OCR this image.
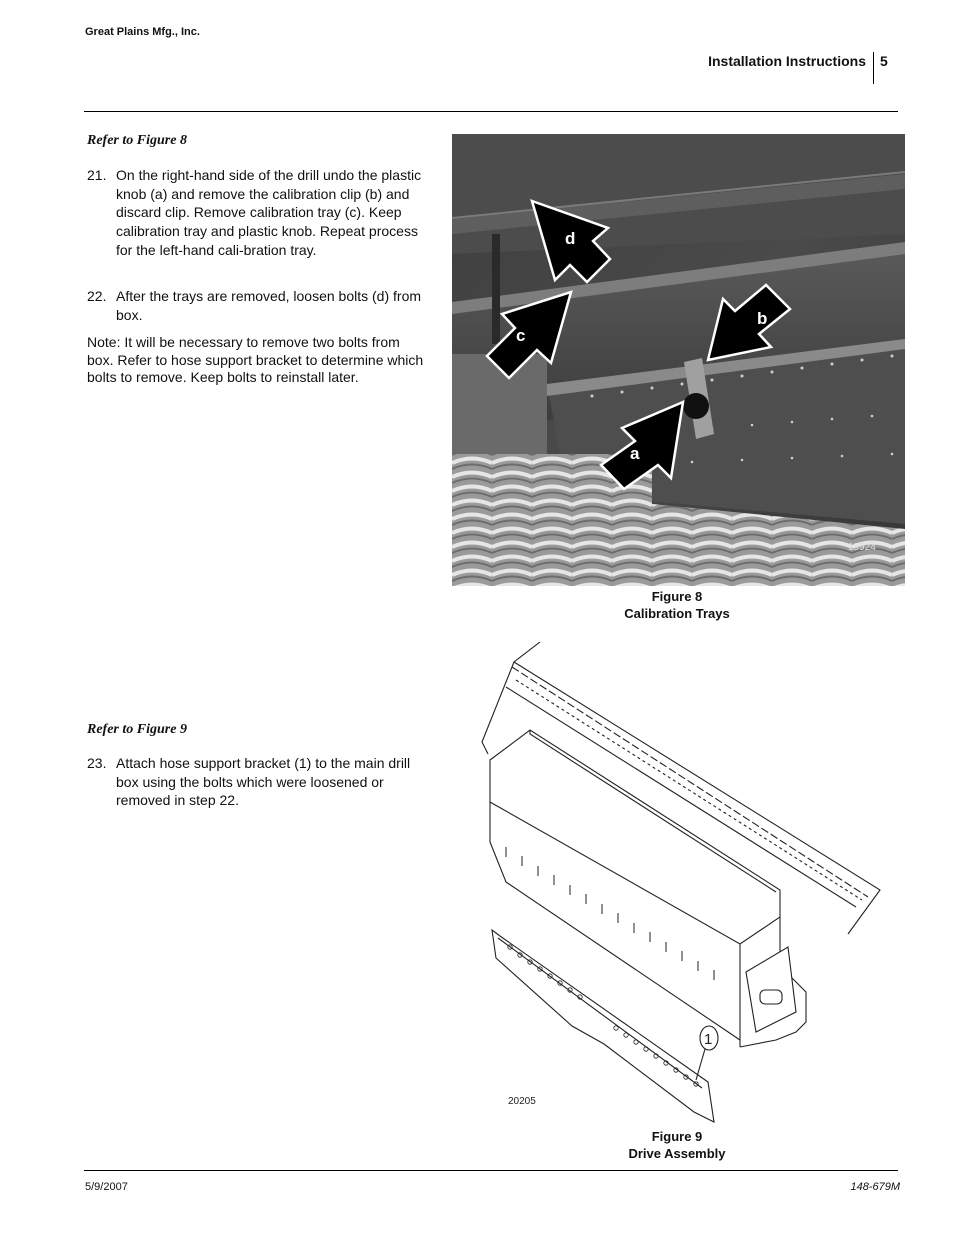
Great Plains Mfg., Inc.
Installation Instructions 5
Refer to Figure 8
21. On the right-hand side of the drill undo the plastic knob (a) and remove the calibration clip (b) and discard clip. Remove calibration tray (c). Keep calibration tray and plastic knob. Repeat process for the left-hand cali-bration tray.
22. After the trays are removed, loosen bolts (d) from box.
Note: It will be necessary to remove two bolts from box. Refer to hose support bracket to determine which bolts to remove. Keep bolts to reinstall later.
d
c
b
a
19924
Figure 8
Calibration Trays
Refer to Figure 9
23. Attach hose support bracket (1) to the main drill box using the bolts which were loosened or removed in step 22.
1
20205
Figure 9
Drive Assembly
5/9/2007	148-679M
